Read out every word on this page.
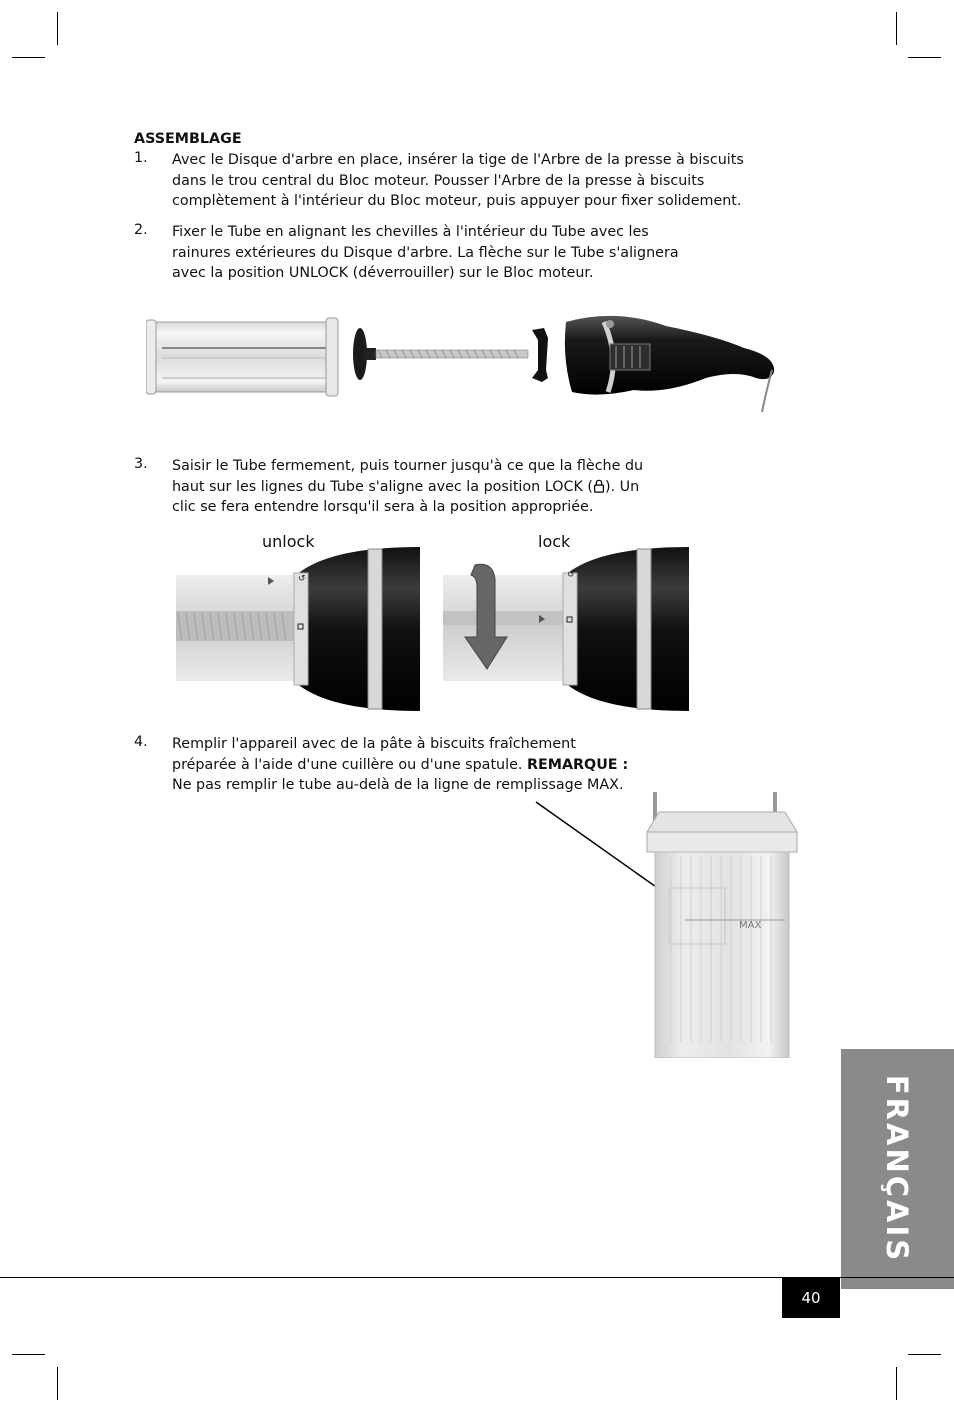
ASSEMBLAGE
1. Avec le Disque d'arbre en place, insérer la tige de l'Arbre de la presse à biscuits
dans le trou central du Bloc moteur. Pousser l'Arbre de la presse à biscuits
complètement à l'intérieur du Bloc moteur, puis appuyer pour fixer solidement.
2. Fixer le Tube en alignant les chevilles à l'intérieur du Tube avec les
rainures extérieures du Disque d'arbre. La flèche sur le Tube s'alignera
avec la position UNLOCK (déverrouiller) sur le Bloc moteur.
3. Saisir le Tube fermement, puis tourner jusqu'à ce que la flèche du
haut sur les lignes du Tube s'aligne avec la position LOCK ( ). Un
clic se fera entendre lorsqu'il sera à la position appropriée.
unlock	lock
↺	↺
4. Remplir l'appareil avec de la pâte à biscuits fraîchement
préparée à l'aide d'une cuillère ou d'une spatule. REMARQUE :
Ne pas remplir le tube au-delà de la ligne de remplissage MAX.
MAX
FRANÇAIS
40
